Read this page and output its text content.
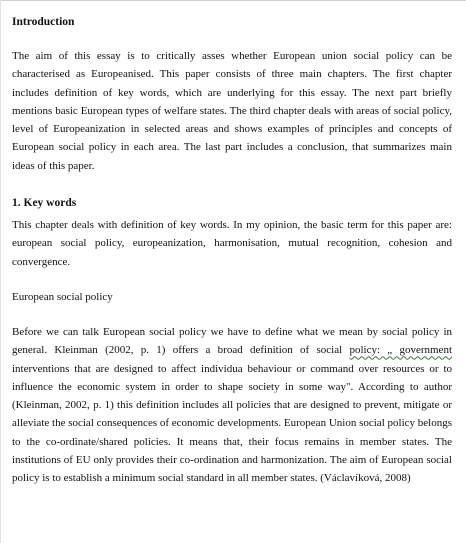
Introduction

The aim of this essay is to critically asses whether European union social policy can be characterised as Europeanised. This paper consists of three main chapters. The first chapter includes definition of key words, which are underlying for this essay. The next part briefly mentions basic European types of welfare states. The third chapter deals with areas of social policy, level of Europeanization in selected areas and shows examples of principles and concepts of European social policy in each area. The last part includes a conclusion, that summarizes main ideas of this paper.

1. Key words

This chapter deals with definition of key words. In my opinion, the basic term for this paper are: european social policy, europeanization, harmonisation, mutual recognition, cohesion and convergence.

European social policy

Before we can talk European social policy we have to define what we mean by social policy in general. Kleinman (2002, p. 1) offers a broad definition of social policy: „ government interventions that are designed to affect individua behaviour or command over resources or to influence the economic system in order to shape society in some way". According to author (Kleinman, 2002, p. 1) this definition includes all policies that are designed to prevent, mitigate or alleviate the social consequences of economic developments. European Union social policy belongs to the co-ordinate/shared policies. It means that, their focus remains in member states. The institutions of EU only provides their co-ordination and harmonization. The aim of European social policy is to establish a minimum social standard in all member states. (Václavíková, 2008)
